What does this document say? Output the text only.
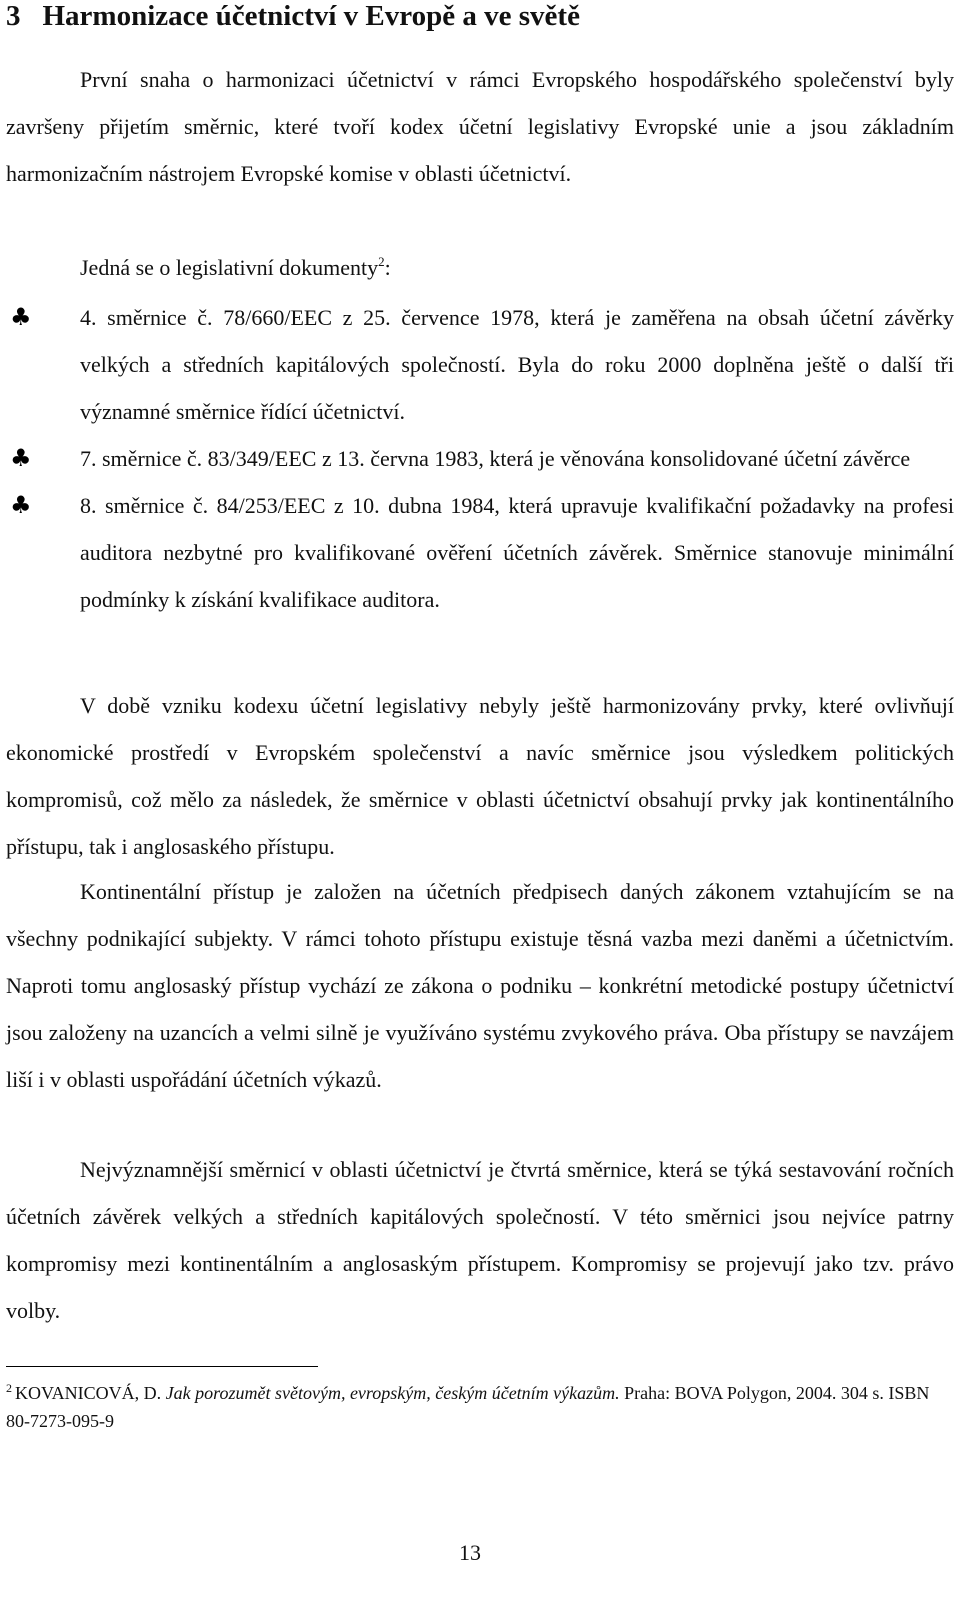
3 Harmonizace účetnictví v Evropě a ve světě

První snaha o harmonizaci účetnictví v rámci Evropského hospodářského společenství byly završeny přijetím směrnic, které tvoří kodex účetní legislativy Evropské unie a jsou základním harmonizačním nástrojem Evropské komise v oblasti účetnictví.

Jedná se o legislativní dokumenty$^2$:

♣ 4. směrnice č. 78/660/EEC z 25. července 1978, která je zaměřena na obsah účetní závěrky velkých a středních kapitálových společností. Byla do roku 2000 doplněna ještě o další tři významné směrnice řídící účetnictví.
♣ 7. směrnice č. 83/349/EEC z 13. června 1983, která je věnována konsolidované účetní závěrce
♣ 8. směrnice č. 84/253/EEC z 10. dubna 1984, která upravuje kvalifikační požadavky na profesi auditora nezbytné pro kvalifikované ověření účetních závěrek. Směrnice stanovuje minimální podmínky k získání kvalifikace auditora.

V době vzniku kodexu účetní legislativy nebyly ještě harmonizovány prvky, které ovlivňují ekonomické prostředí v Evropském společenství a navíc směrnice jsou výsledkem politických kompromisů, což mělo za následek, že směrnice v oblasti účetnictví obsahují prvky jak kontinentálního přístupu, tak i anglosaského přístupu.

Kontinentální přístup je založen na účetních předpisech daných zákonem vztahujícím se na všechny podnikající subjekty. V rámci tohoto přístupu existuje těsná vazba mezi daněmi a účetnictvím. Naproti tomu anglosaský přístup vychází ze zákona o podniku – konkrétní metodické postupy účetnictví jsou založeny na uzancích a velmi silně je využíváno systému zvykového práva. Oba přístupy se navzájem liší i v oblasti uspořádání účetních výkazů.

Nejvýznamnější směrnicí v oblasti účetnictví je čtvrtá směrnice, která se týká sestavování ročních účetních závěrek velkých a středních kapitálových společností. V této směrnici jsou nejvíce patrny kompromisy mezi kontinentálním a anglosaským přístupem. Kompromisy se projevují jako tzv. právo volby.

$^2$ KOVANICOVÁ, D. Jak porozumět světovým, evropským, českým účetním výkazům. Praha: BOVA Polygon, 2004. 304 s. ISBN 80-7273-095-9

13
